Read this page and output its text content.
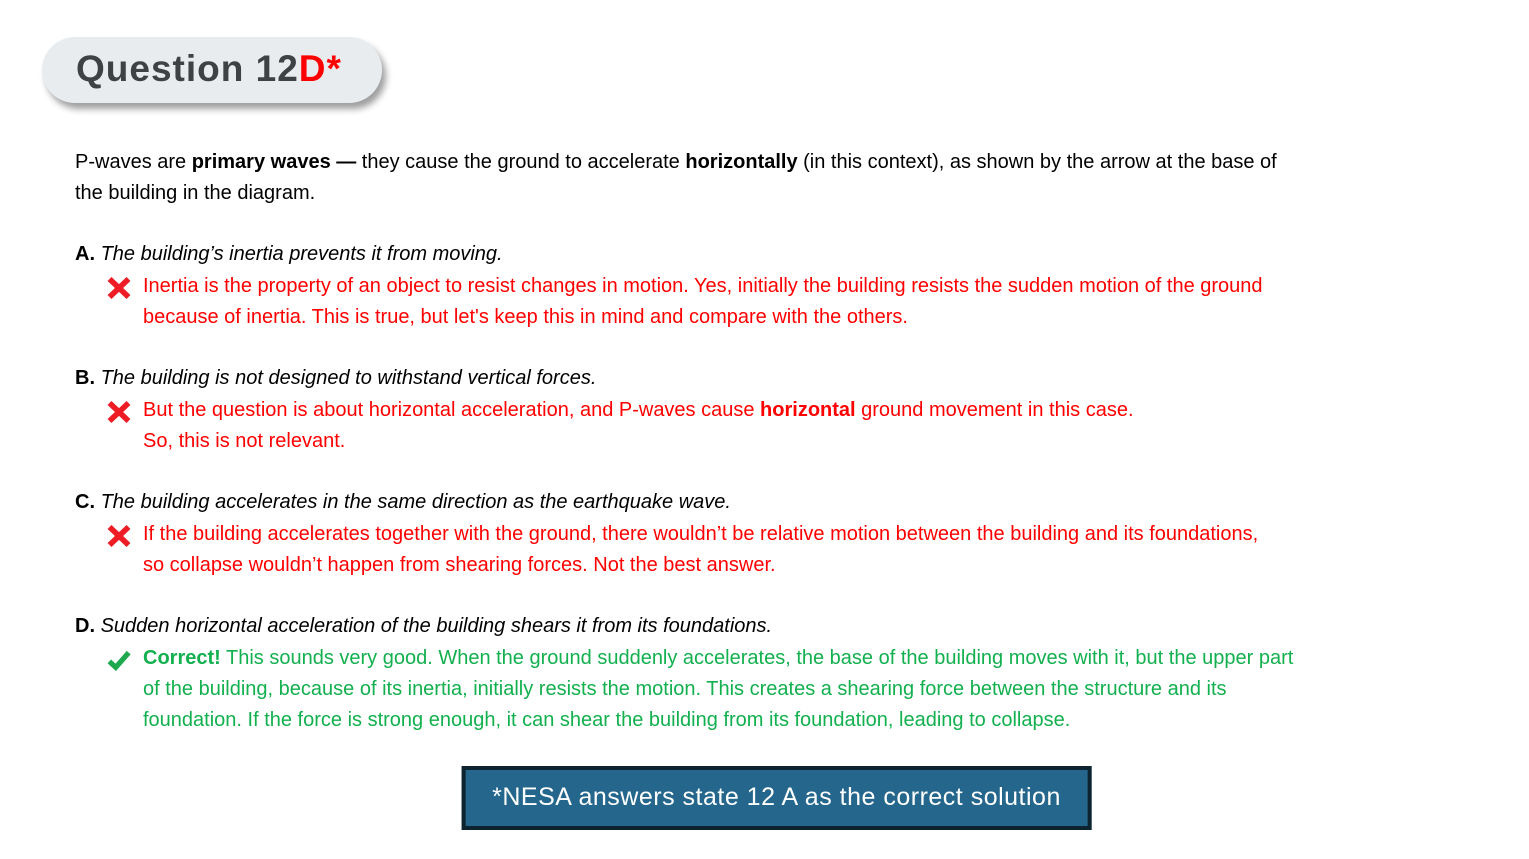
Question 12D*
P-waves are primary waves — they cause the ground to accelerate horizontally (in this context), as shown by the arrow at the base of
the building in the diagram.
A. The building’s inertia prevents it from moving.
Inertia is the property of an object to resist changes in motion. Yes, initially the building resists the sudden motion of the ground
because of inertia. This is true, but let's keep this in mind and compare with the others.
B. The building is not designed to withstand vertical forces.
But the question is about horizontal acceleration, and P-waves cause horizontal ground movement in this case.
So, this is not relevant.
C. The building accelerates in the same direction as the earthquake wave.
If the building accelerates together with the ground, there wouldn’t be relative motion between the building and its foundations,
so collapse wouldn’t happen from shearing forces. Not the best answer.
D. Sudden horizontal acceleration of the building shears it from its foundations.
Correct! This sounds very good. When the ground suddenly accelerates, the base of the building moves with it, but the upper part
of the building, because of its inertia, initially resists the motion. This creates a shearing force between the structure and its
foundation. If the force is strong enough, it can shear the building from its foundation, leading to collapse.
*NESA answers state 12 A as the correct solution
